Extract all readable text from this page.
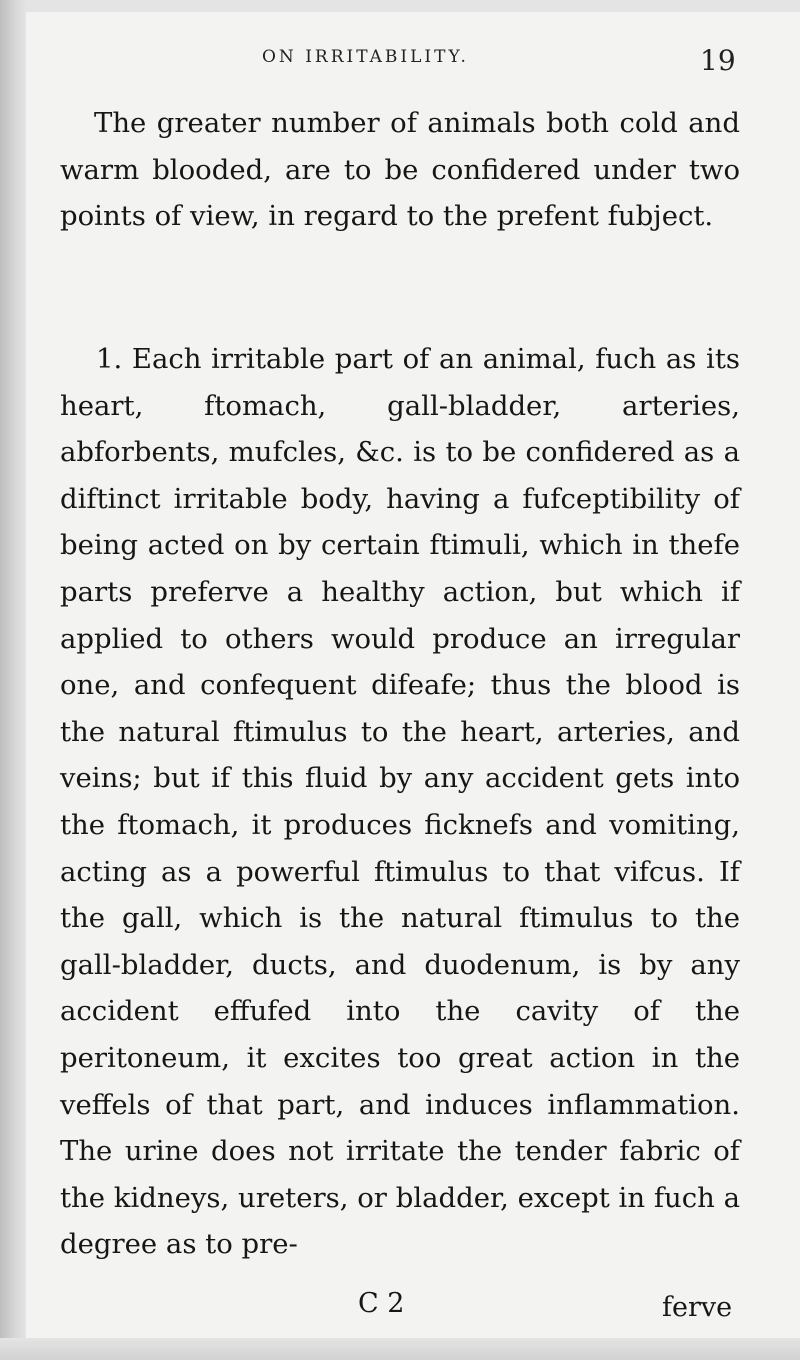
ON IRRITABILITY.	19
The greater number of animals both cold and warm blooded, are to be confidered under two points of view, in regard to the prefent fubject.
1. Each irritable part of an animal, fuch as its heart, ftomach, gall-bladder, arteries, abforbents, mufcles, &c. is to be confidered as a diftinct irritable body, having a fufceptibility of being acted on by certain ftimuli, which in thefe parts preferve a healthy action, but which if applied to others would produce an irregular one, and confequent difeafe; thus the blood is the natural ftimulus to the heart, arteries, and veins; but if this fluid by any accident gets into the ftomach, it produces ficknefs and vomiting, acting as a powerful ftimulus to that vifcus. If the gall, which is the natural ftimulus to the gall-bladder, ducts, and duodenum, is by any accident effufed into the cavity of the peritoneum, it excites too great action in the veffels of that part, and induces inflammation. The urine does not irritate the tender fabric of the kidneys, ureters, or bladder, except in fuch a degree as to pre-
C 2	ferve
